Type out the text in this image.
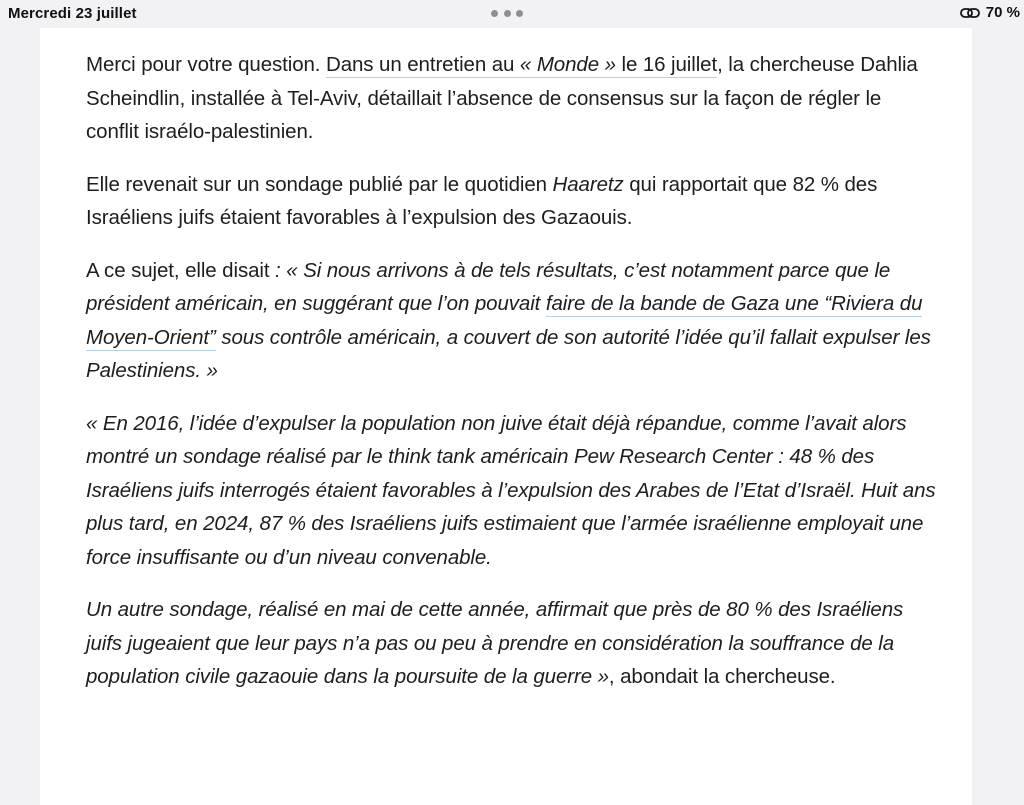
Mercredi 23 juillet	70 %

Merci pour votre question. Dans un entretien au « Monde » le 16 juillet, la chercheuse Dahlia Scheindlin, installée à Tel-Aviv, détaillait l’absence de consensus sur la façon de régler le conflit israélo-palestinien.

Elle revenait sur un sondage publié par le quotidien Haaretz qui rapportait que 82 % des Israéliens juifs étaient favorables à l’expulsion des Gazaouis.

A ce sujet, elle disait : « Si nous arrivons à de tels résultats, c’est notamment parce que le président américain, en suggérant que l’on pouvait faire de la bande de Gaza une “Riviera du Moyen-Orient” sous contrôle américain, a couvert de son autorité l’idée qu’il fallait expulser les Palestiniens. »

« En 2016, l’idée d’expulser la population non juive était déjà répandue, comme l’avait alors montré un sondage réalisé par le think tank américain Pew Research Center : 48 % des Israéliens juifs interrogés étaient favorables à l’expulsion des Arabes de l’Etat d’Israël. Huit ans plus tard, en 2024, 87 % des Israéliens juifs estimaient que l’armée israélienne employait une force insuffisante ou d’un niveau convenable.

Un autre sondage, réalisé en mai de cette année, affirmait que près de 80 % des Israéliens juifs jugeaient que leur pays n’a pas ou peu à prendre en considération la souffrance de la population civile gazaouie dans la poursuite de la guerre », abondait la chercheuse.
